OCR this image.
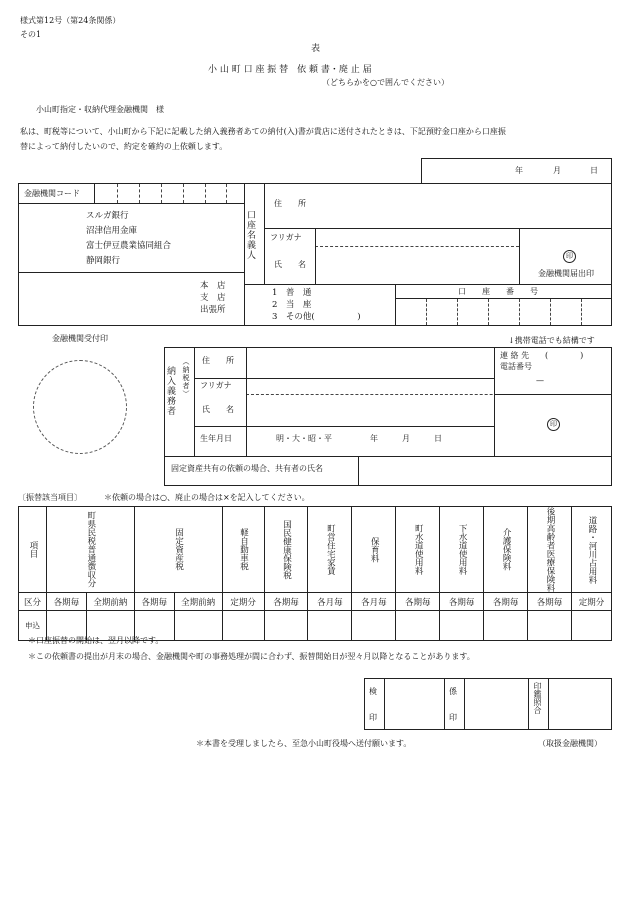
様式第12号（第24条関係）
その1
表
小 山 町 口 座 振 替　依 頼 書・廃 止 届
（どちらかを○で囲んでください）
小山町指定・収納代理金融機関　様
私は、町税等について、小山町から下記に記載した納入義務者あての納付(入)書が貴店に送付されたときは、下記預貯金口座から口座振
替によって納付したいので、約定を確約の上依頼します。
年	月	日
金融機関コード
スルガ銀行
沼津信用金庫
富士伊豆農業協同組合
静岡銀行
本　店
支　店
出張所
口座名義人
住　　所
フリガナ
氏　　名
印
金融機関届出印
1　普　通
2　当　座
3　その他(　　　　　)
口　　座　　番　　号
↓携帯電話でも結構です
金融機関受付印
納入義務者 （納税者） 住　　所
フリガナ
氏　　名
生年月日	明・大・昭・平	年　　　月　　　日
連 絡 先 (　　　　)
電話番号
—
印
固定資産共有の依頼の場合、共有者の氏名
〔振替該当項目〕	＊依頼の場合は○、廃止の場合は×を記入してください。
項目	町県民税普通徴収分		固定資産税		軽自動車税	国民健康保険税	町営住宅家賃	保育料	町水道使用料	下水道使用料	介護保険料	後期高齢者医療保険料	道路・河川占用料
区分	各期毎	全期前納	各期毎	全期前納	定期分	各期毎	各月毎	各月毎	各期毎	各期毎	各期毎	各期毎	定期分
申込													
＊口座振替の開始は、翌月以降です。
＊この依頼書の提出が月末の場合、金融機関や町の事務処理が間に合わず、振替開始日が翌々月以降となることがあります。
検
印
係
印
印鑑照合
＊本書を受理しましたら、至急小山町役場へ送付願います。	（取扱金融機関）
